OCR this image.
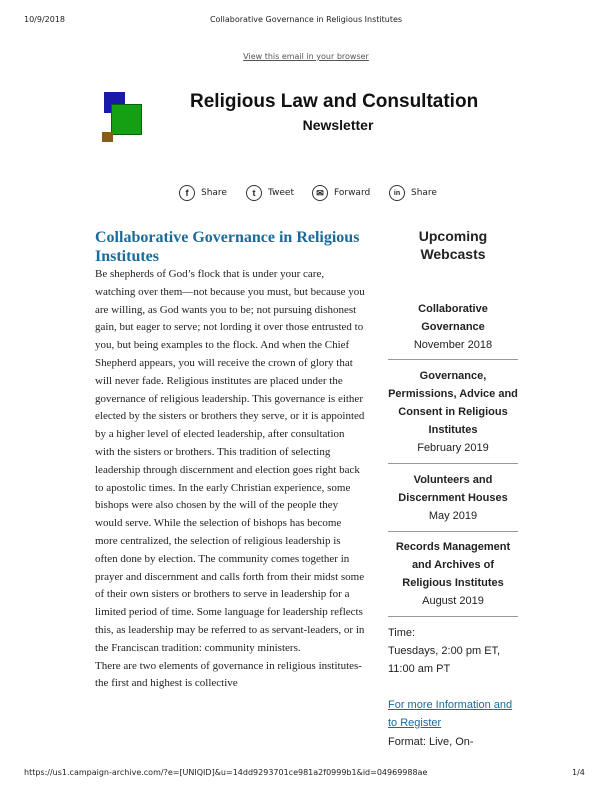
10/9/2018	Collaborative Governance in Religious Institutes
View this email in your browser
Religious Law and Consultation
Newsletter
f	Share	t	Tweet	✉	Forward	in	Share
Collaborative Governance in Religious Institutes

Be shepherds of God’s flock that is under your care, watching over them—not because you must, but because you are willing, as God wants you to be; not pursuing dishonest gain, but eager to serve; not lording it over those entrusted to you, but being examples to the flock. And when the Chief Shepherd appears, you will receive the crown of glory that will never fade. Religious institutes are placed under the governance of religious leadership. This governance is either elected by the sisters or brothers they serve, or it is appointed by a higher level of elected leadership, after consultation with the sisters or brothers. This tradition of selecting leadership through discernment and election goes right back to apostolic times. In the early Christian experience, some bishops were also chosen by the will of the people they would serve. While the selection of bishops has become more centralized, the selection of religious leadership is often done by election. The community comes together in prayer and discernment and calls forth from their midst some of their own sisters or brothers to serve in leadership for a limited period of time. Some language for leadership reflects this, as leadership may be referred to as servant-leaders, or in the Franciscan tradition: community ministers.

There are two elements of governance in religious institutes- the first and highest is collective

Upcoming Webcasts
Collaborative Governance
November 2018
Governance, Permissions, Advice and Consent in Religious Institutes
February 2019
Volunteers and Discernment Houses
May 2019
Records Management and Archives of Religious Institutes
August 2019
Time:
Tuesdays, 2:00 pm ET, 11:00 am PT
For more Information and to Register
Format: Live, On-
https://us1.campaign-archive.com/?e=[UNIQID]&u=14dd9293701ce981a2f0999b1&id=04969988ae	1/4
